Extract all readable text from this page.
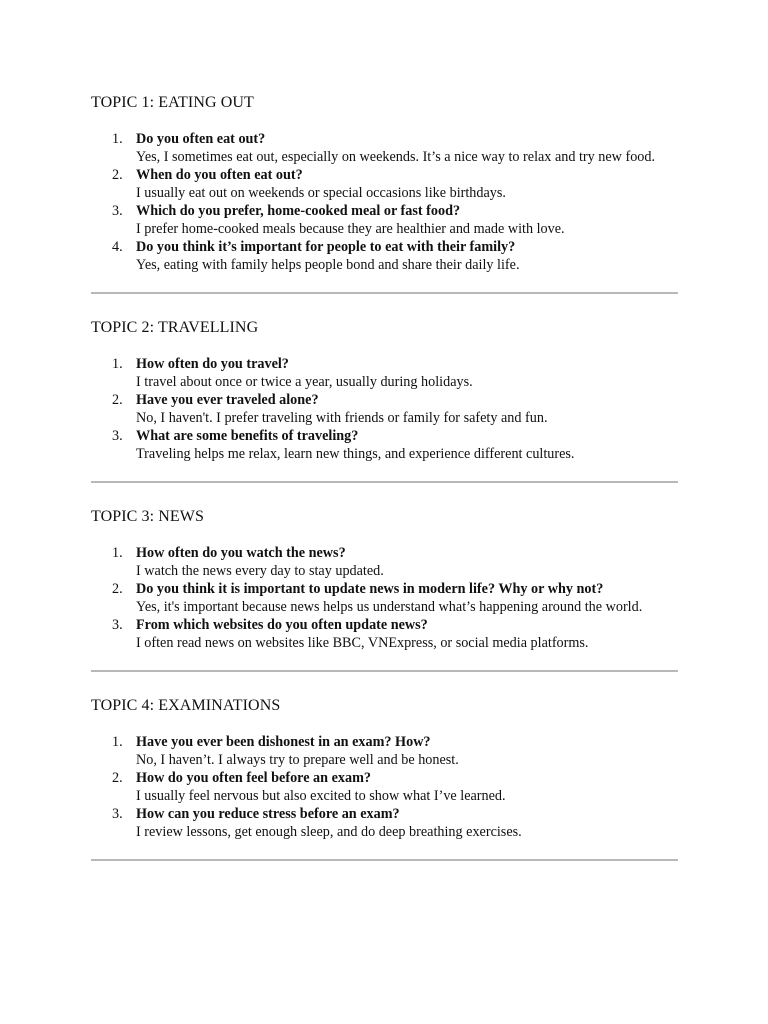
TOPIC 1: EATING OUT
1. Do you often eat out?
Yes, I sometimes eat out, especially on weekends. It’s a nice way to relax and try new food.
2. When do you often eat out?
I usually eat out on weekends or special occasions like birthdays.
3. Which do you prefer, home-cooked meal or fast food?
I prefer home-cooked meals because they are healthier and made with love.
4. Do you think it’s important for people to eat with their family?
Yes, eating with family helps people bond and share their daily life.
TOPIC 2: TRAVELLING
1. How often do you travel?
I travel about once or twice a year, usually during holidays.
2. Have you ever traveled alone?
No, I haven't. I prefer traveling with friends or family for safety and fun.
3. What are some benefits of traveling?
Traveling helps me relax, learn new things, and experience different cultures.
TOPIC 3: NEWS
1. How often do you watch the news?
I watch the news every day to stay updated.
2. Do you think it is important to update news in modern life? Why or why not?
Yes, it's important because news helps us understand what’s happening around the world.
3. From which websites do you often update news?
I often read news on websites like BBC, VNExpress, or social media platforms.
TOPIC 4: EXAMINATIONS
1. Have you ever been dishonest in an exam? How?
No, I haven’t. I always try to prepare well and be honest.
2. How do you often feel before an exam?
I usually feel nervous but also excited to show what I’ve learned.
3. How can you reduce stress before an exam?
I review lessons, get enough sleep, and do deep breathing exercises.
